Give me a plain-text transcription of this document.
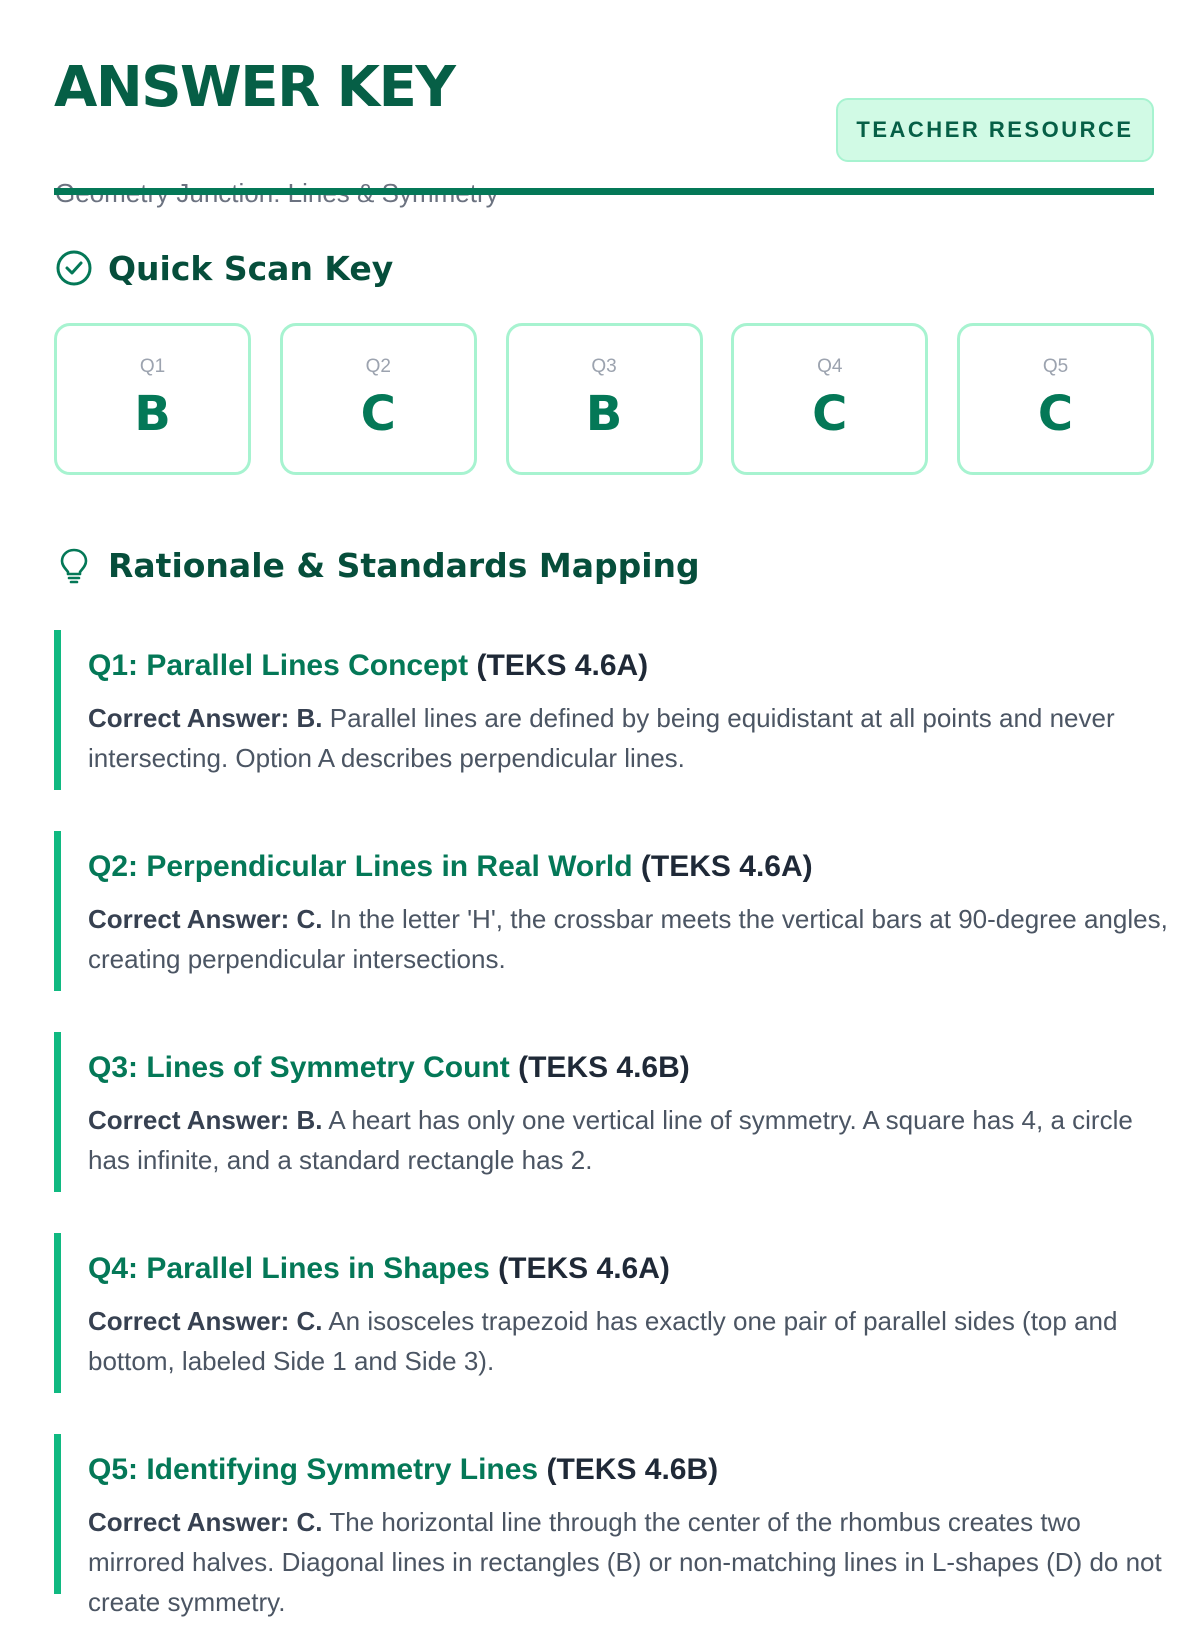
ANSWER KEY
TEACHER RESOURCE
Quick Scan Key
Q1
B
Q2
C
Q3
B
Q4
C
Q5
C
Rationale & Standards Mapping
Q1: Parallel Lines Concept (TEKS 4.6A)
Correct Answer: B. Parallel lines are defined by being equidistant at all points and never intersecting. Option A describes perpendicular lines.
Q2: Perpendicular Lines in Real World (TEKS 4.6A)
Correct Answer: C. In the letter 'H', the crossbar meets the vertical bars at 90-degree angles, creating perpendicular intersections.
Q3: Lines of Symmetry Count (TEKS 4.6B)
Correct Answer: B. A heart has only one vertical line of symmetry. A square has 4, a circle has infinite, and a standard rectangle has 2.
Q4: Parallel Lines in Shapes (TEKS 4.6A)
Correct Answer: C. An isosceles trapezoid has exactly one pair of parallel sides (top and bottom, labeled Side 1 and Side 3).
Q5: Identifying Symmetry Lines (TEKS 4.6B)
Correct Answer: C. The horizontal line through the center of the rhombus creates two mirrored halves. Diagonal lines in rectangles (B) or non-matching lines in L-shapes (D) do not create symmetry.
